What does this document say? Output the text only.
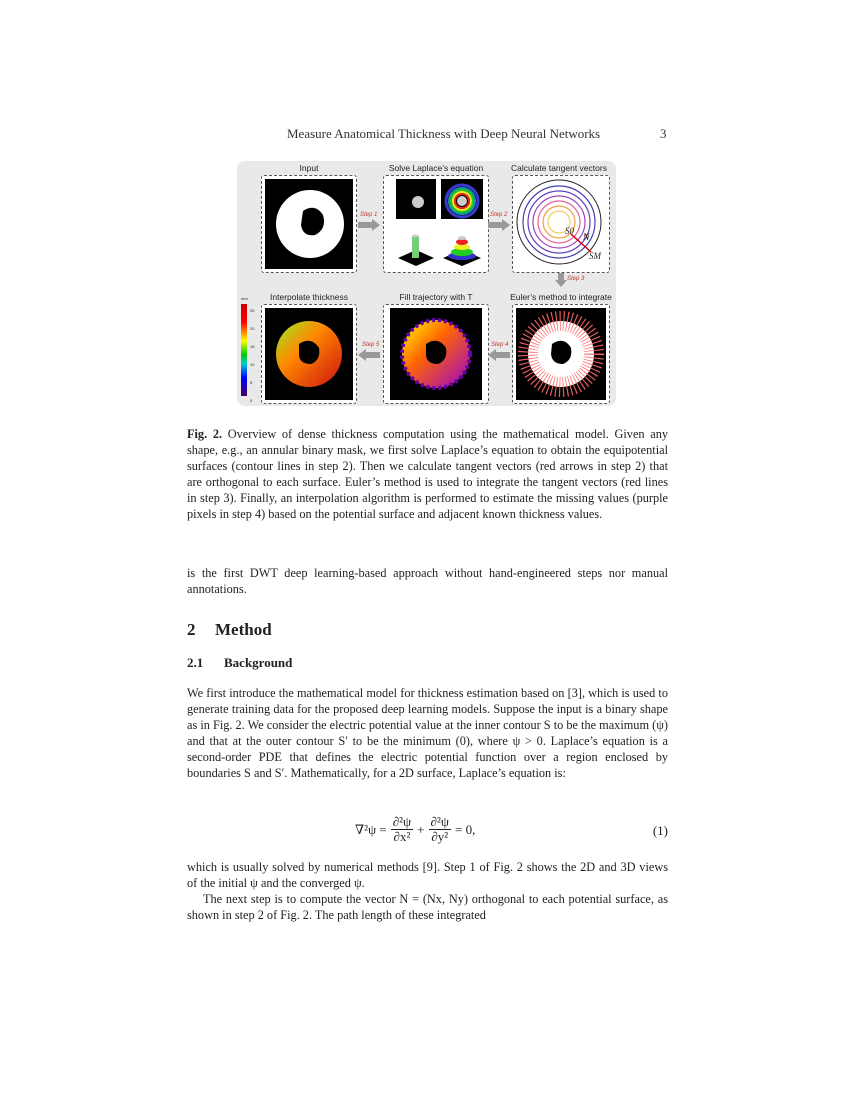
Measure Anatomical Thickness with Deep Neural Networks	3
Input	Solve Laplace’s equation	Calculate tangent vectors
Step 1	Step 2
S0
N
SM
Step 3
Interpolate thickness	Fill trajectory with T	Euler’s method to integrate
mm
25
20
15
10
5
0
Step 5	Step 4
Fig. 2. Overview of dense thickness computation using the mathematical model. Given any shape, e.g., an annular binary mask, we first solve Laplace’s equation to obtain the equipotential surfaces (contour lines in step 2). Then we calculate tangent vectors (red arrows in step 2) that are orthogonal to each surface. Euler’s method is used to integrate the tangent vectors (red lines in step 3). Finally, an interpolation algorithm is performed to estimate the missing values (purple pixels in step 4) based on the potential surface and adjacent known thickness values.
is the first DWT deep learning-based approach without hand-engineered steps nor manual annotations.
2 Method
2.1 Background
We first introduce the mathematical model for thickness estimation based on [3], which is used to generate training data for the proposed deep learning models. Suppose the input is a binary shape as in Fig. 2. We consider the electric potential value at the inner contour S to be the maximum (ψ) and that at the outer contour S′ to be the minimum (0), where ψ > 0. Laplace’s equation is a second-order PDE that defines the electric potential function over a region enclosed by boundaries S and S′. Mathematically, for a 2D surface, Laplace’s equation is:
$\nabla^2\psi = \frac{\text{∂²ψ}}{\text{∂x²}} + \frac{\text{∂²ψ}}{\text{∂y²}} = 0$,	(1)
which is usually solved by numerical methods [9]. Step 1 of Fig. 2 shows the 2D and 3D views of the initial ψ and the converged ψ.
The next step is to compute the vector N = (Nx, Ny) orthogonal to each potential surface, as shown in step 2 of Fig. 2. The path length of these integrated
